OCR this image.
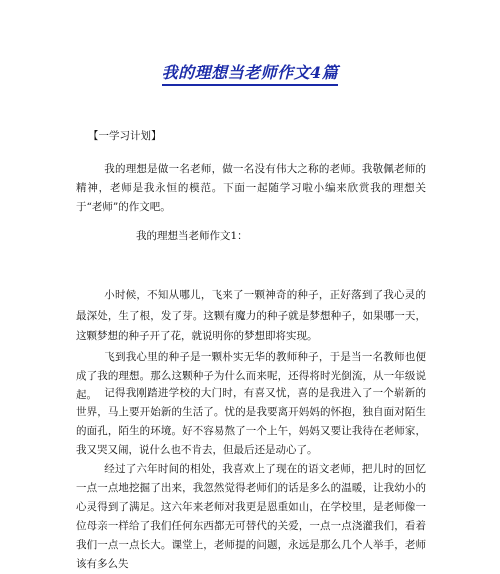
我的理想当老师作文4篇
【一学习计划】

我的理想是做一名老师，做一名没有伟大之称的老师。我敬佩老师的精神，老师是我永恒的模范。下面一起随学习啦小编来欣赏我的理想关于“老师”的作文吧。

我的理想当老师作文1：

小时候，不知从哪儿，飞来了一颗神奇的种子，正好落到了我心灵的最深处，生了根，发了芽。这颗有魔力的种子就是梦想种子，如果哪一天，这颗梦想的种子开了花，就说明你的梦想即将实现。

飞到我心里的种子是一颗朴实无华的教师种子，于是当一名教师也便成了我的理想。那么这颗种子为什么而来呢，还得将时光倒流，从一年级说起。 记得我刚踏进学校的大门时，有喜又忧，喜的是我进入了一个崭新的世界，马上要开始新的生活了。忧的是我要离开妈妈的怀抱，独自面对陌生的面孔，陌生的环境。好不容易熬了一个上午，妈妈又要让我待在老师家，我又哭又闹，说什么也不肯去，但最后还是动心了。

经过了六年时间的相处，我喜欢上了现在的语文老师，把儿时的回忆一点一点地挖掘了出来，我忽然觉得老师们的话是多么的温暖，让我幼小的心灵得到了满足。这六年来老师对我更是恩重如山，在学校里，是老师像一位母亲一样给了我们任何东西都无可替代的关爱，一点一点浇灌我们，看着我们一点一点长大。课堂上，老师提的问题，永远是那么几个人举手，老师该有多么失
